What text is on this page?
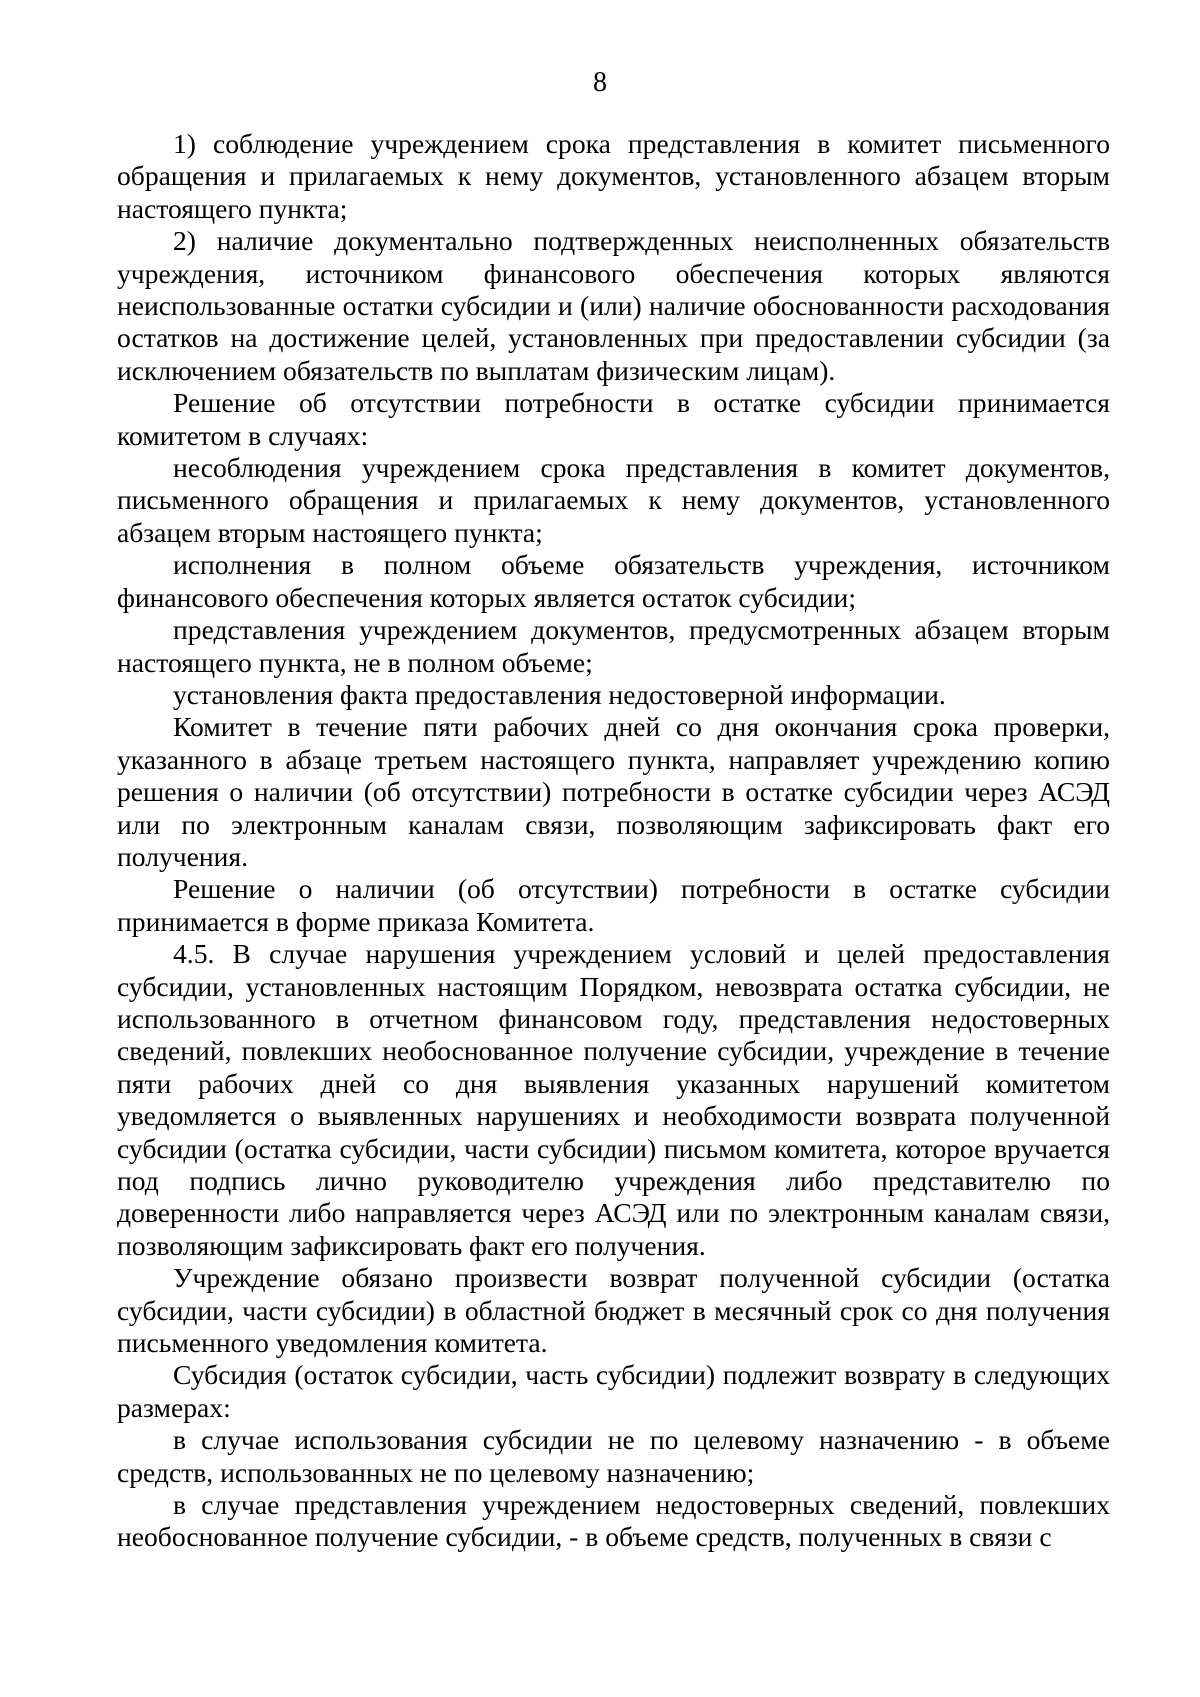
8

1) соблюдение учреждением срока представления в комитет письменного обращения и прилагаемых к нему документов, установленного абзацем вторым настоящего пункта;

2) наличие документально подтвержденных неисполненных обязательств учреждения, источником финансового обеспечения которых являются неиспользованные остатки субсидии и (или) наличие обоснованности расходования остатков на достижение целей, установленных при предоставлении субсидии (за исключением обязательств по выплатам физическим лицам).

Решение об отсутствии потребности в остатке субсидии принимается комитетом в случаях:

несоблюдения учреждением срока представления в комитет документов, письменного обращения и прилагаемых к нему документов, установленного абзацем вторым настоящего пункта;

исполнения в полном объеме обязательств учреждения, источником финансового обеспечения которых является остаток субсидии;

представления учреждением документов, предусмотренных абзацем вторым настоящего пункта, не в полном объеме;

установления факта предоставления недостоверной информации.

Комитет в течение пяти рабочих дней со дня окончания срока проверки, указанного в абзаце третьем настоящего пункта, направляет учреждению копию решения о наличии (об отсутствии) потребности в остатке субсидии через АСЭД или по электронным каналам связи, позволяющим зафиксировать факт его получения.

Решение о наличии (об отсутствии) потребности в остатке субсидии принимается в форме приказа Комитета.

4.5. В случае нарушения учреждением условий и целей предоставления субсидии, установленных настоящим Порядком, невозврата остатка субсидии, не использованного в отчетном финансовом году, представления недостоверных сведений, повлекших необоснованное получение субсидии, учреждение в течение пяти рабочих дней со дня выявления указанных нарушений комитетом уведомляется о выявленных нарушениях и необходимости возврата полученной субсидии (остатка субсидии, части субсидии) письмом комитета, которое вручается под подпись лично руководителю учреждения либо представителю по доверенности либо направляется через АСЭД или по электронным каналам связи, позволяющим зафиксировать факт его получения.

Учреждение обязано произвести возврат полученной субсидии (остатка субсидии, части субсидии) в областной бюджет в месячный срок со дня получения письменного уведомления комитета.

Субсидия (остаток субсидии, часть субсидии) подлежит возврату в следующих размерах:

в случае использования субсидии не по целевому назначению - в объеме средств, использованных не по целевому назначению;

в случае представления учреждением недостоверных сведений, повлекших необоснованное получение субсидии, - в объеме средств, полученных в связи с
